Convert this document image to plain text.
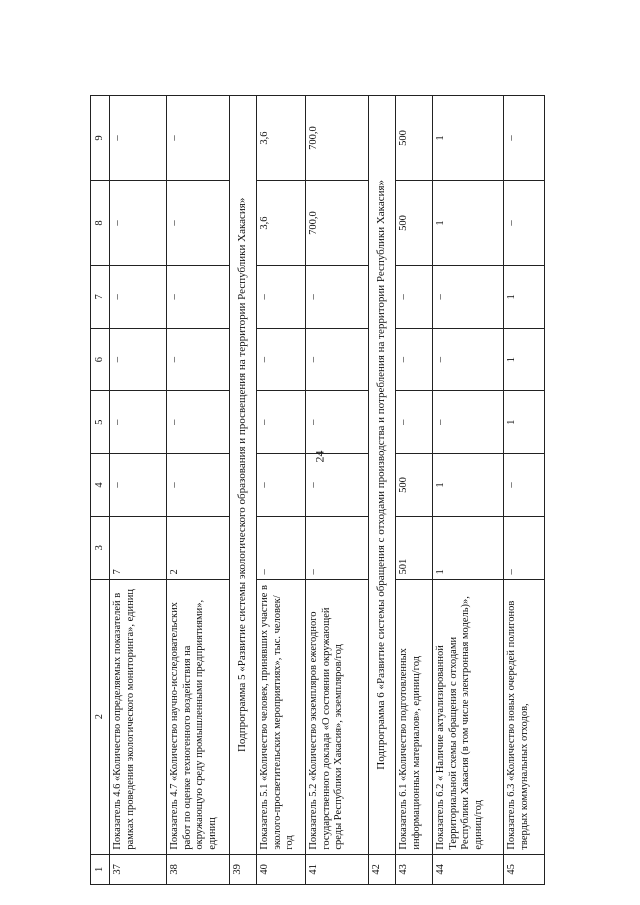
24
1	2	3	4	5	6	7	8	9
37	Показатель 4.6 «Количество определяемых показателей в рамках проведения экологического мониторинга», единиц	7	–	–	–	–	–	–
38	Показатель 4.7 «Количество научно-исследовательских работ по оценке техногенного воздействия на окружающую среду промышленными предприятиями», единиц	2	–	–	–	–	–	–
39	Подпрограмма 5 «Развитие системы экологического образования и просвещения на территории Республики Хакасия»							
40	Показатель 5.1 «Количество человек, принявших участие в эколого-просветительских мероприятиях», тыс. человек/год	–	–	–	–	–	3,6	3,6
41	Показатель 5.2 «Количество экземпляров ежегодного государственного доклада «О состоянии окружающей среды Республики Хакасия», экземпляров/год	–	–	–	–	–	700,0	700,0
42	Подпрограмма 6 «Развитие системы обращения с отходами производства и потребления на территории Республики Хакасия»							
43	Показатель 6.1 «Количество подготовленных информационных материалов», единиц/год	501	500	–	–	–	500	500
44	Показатель 6.2 « Наличие актуализированной Территориальной схемы обращения с отходами Республики Хакасия (в том числе электронная модель)», единиц/год	1	1	–	–	–	1	1
45	Показатель 6.3 «Количество новых очередей полигонов твердых коммунальных отходов,	–	–	1	1	1	–	–
